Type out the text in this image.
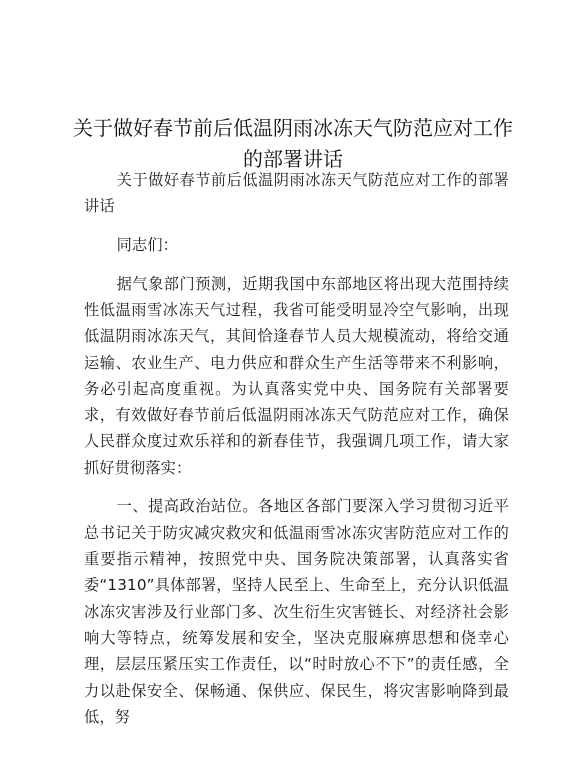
关于做好春节前后低温阴雨冰冻天气防范应对工作的部署讲话

关于做好春节前后低温阴雨冰冻天气防范应对工作的部署讲话

同志们：

据气象部门预测，近期我国中东部地区将出现大范围持续性低温雨雪冰冻天气过程，我省可能受明显冷空气影响，出现低温阴雨冰冻天气，其间恰逢春节人员大规模流动，将给交通运输、农业生产、电力供应和群众生产生活等带来不利影响，务必引起高度重视。为认真落实党中央、国务院有关部署要求，有效做好春节前后低温阴雨冰冻天气防范应对工作，确保人民群众度过欢乐祥和的新春佳节，我强调几项工作，请大家抓好贯彻落实：

一、提高政治站位。各地区各部门要深入学习贯彻习近平总书记关于防灾减灾救灾和低温雨雪冰冻灾害防范应对工作的重要指示精神，按照党中央、国务院决策部署，认真落实省委“1310”具体部署，坚持人民至上、生命至上，充分认识低温冰冻灾害涉及行业部门多、次生衍生灾害链长、对经济社会影响大等特点，统筹发展和安全，坚决克服麻痹思想和侥幸心理，层层压紧压实工作责任，以“时时放心不下”的责任感，全力以赴保安全、保畅通、保供应、保民生，将灾害影响降到最低，努
